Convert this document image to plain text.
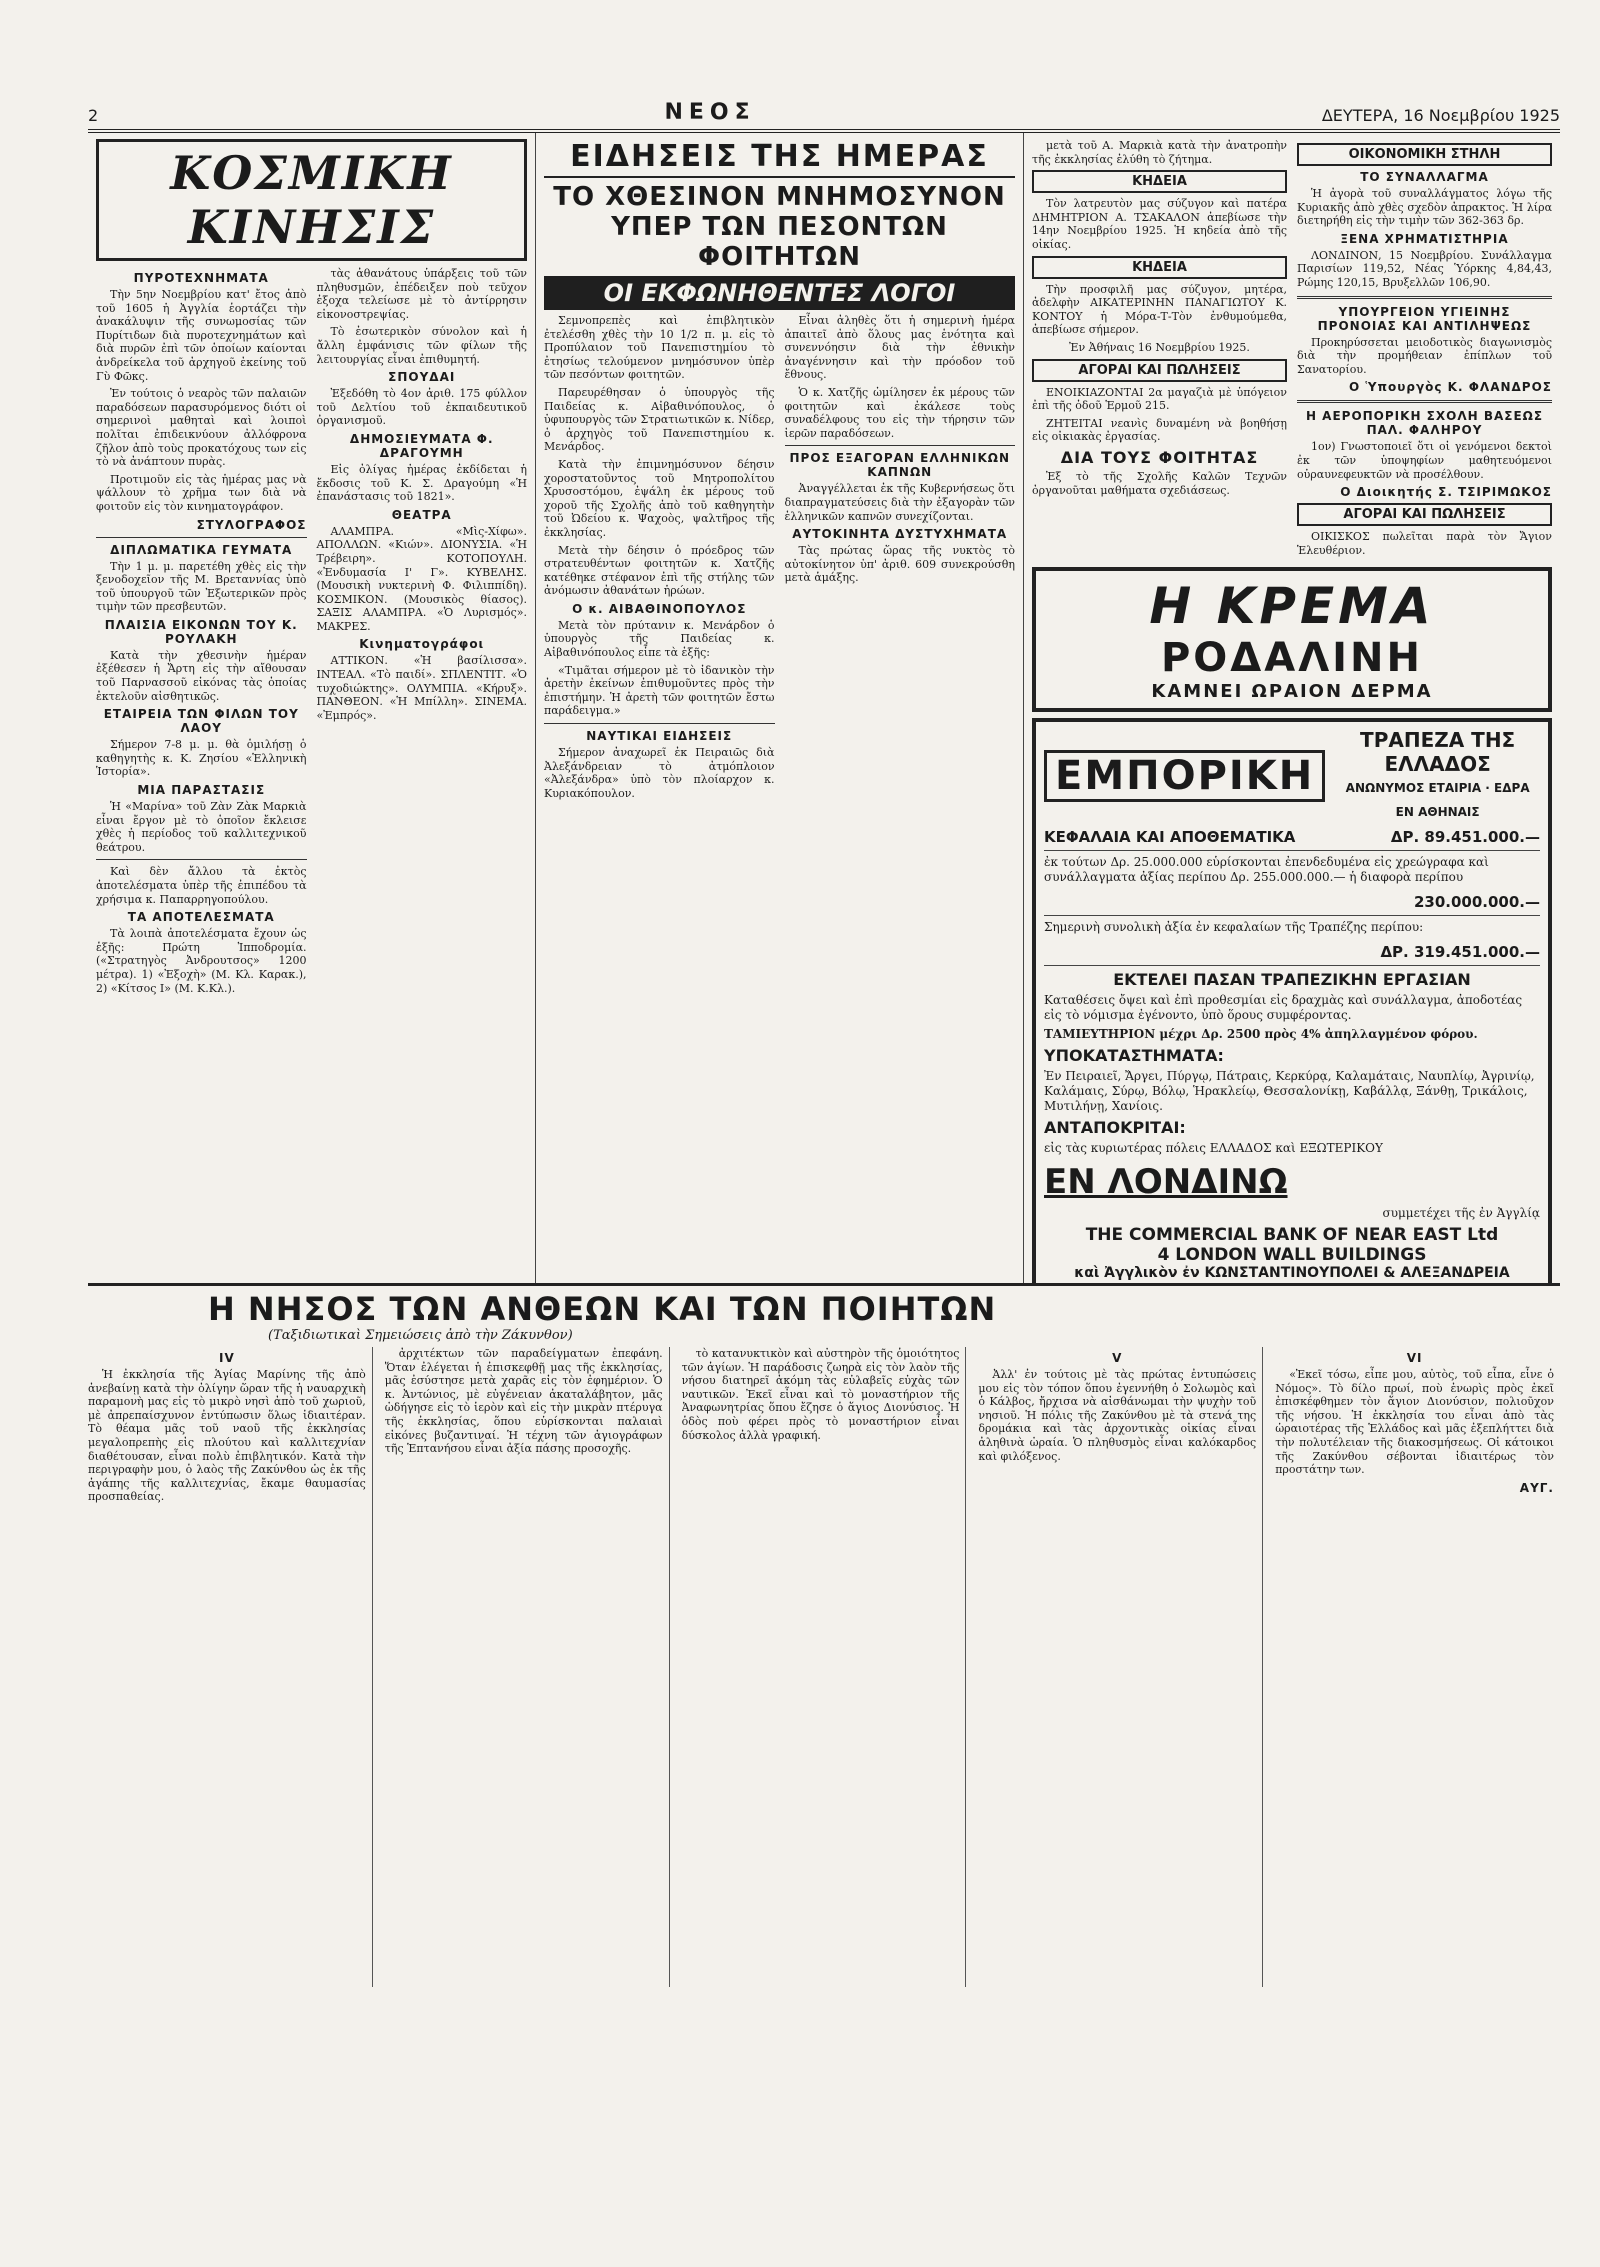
2	ΝΕΟΣ	ΔΕΥΤΕΡΑ, 16 Νοεμβρίου 1925
ΚΟΣΜΙΚΗ ΚΙΝΗΣΙΣ
ΠΥΡΟΤΕΧΝΗΜΑΤΑ

Τὴν 5ην Νοεμβρίου κατ' ἔτος ἀπὸ τοῦ 1605 ἡ Ἀγγλία ἑορτάζει τὴν ἀνακάλυψιν τῆς συνωμοσίας τῶν Πυρίτιδων διὰ πυροτεχνημάτων καὶ διὰ πυρῶν ἐπὶ τῶν ὁποίων καίονται ἀνδρείκελα τοῦ ἀρχηγοῦ ἐκείνης τοῦ Γὺ Φῶκς.

Ἐν τούτοις ὁ νεαρὸς τῶν παλαιῶν παραδόσεων παρασυρόμενος διότι οἱ σημερινοὶ μαθηταὶ καὶ λοιποὶ πολῖται ἐπιδεικνύουν ἀλλόφρονα ζῆλον ἀπὸ τοὺς προκατόχους των εἰς τὸ νὰ ἀνάπτουν πυρὰς.

Προτιμοῦν εἰς τὰς ἡμέρας μας νὰ ψάλλουν τὸ χρῆμα των διὰ νὰ φοιτοῦν εἰς τὸν κινηματογράφον.

ΣΤΥΛΟΓΡΑΦΟΣ
ΔΙΠΛΩΜΑΤΙΚΑ ΓΕΥΜΑΤΑ

Τὴν 1 μ. μ. παρετέθη χθὲς εἰς τὴν ξενοδοχεῖον τῆς Μ. Βρεταννίας ὑπὸ τοῦ ὑπουργοῦ τῶν Ἐξωτερικῶν πρὸς τιμὴν τῶν πρεσβευτῶν.

ΠΛΑΙΣΙΑ ΕΙΚΟΝΩΝ ΤΟΥ Κ. ΡΟΥΛΑΚΗ

Κατὰ τὴν χθεσινὴν ἡμέραν ἐξέθεσεν ἡ Ἄρτη εἰς τὴν αἴθουσαν τοῦ Παρνασσοῦ εἰκόνας τὰς ὁποίας ἐκτελοῦν αἰσθητικῶς.

ΕΤΑΙΡΕΙΑ ΤΩΝ ΦΙΛΩΝ ΤΟΥ ΛΑΟΥ

Σήμερον 7-8 μ. μ. θὰ ὁμιλήσῃ ὁ καθηγητὴς κ. Κ. Ζησίου «Ἑλληνικὴ Ἱστορία».

ΜΙΑ ΠΑΡΑΣΤΑΣΙΣ

Ἡ «Μαρίνα» τοῦ Ζὰν Ζὰκ Μαρκιὰ εἶναι ἔργον μὲ τὸ ὁποῖον ἔκλεισε χθὲς ἡ περίοδος τοῦ καλλιτεχνικοῦ θεάτρου.

Καὶ δὲν ἄλλου τὰ ἐκτὸς ἀποτελέσματα ὑπὲρ τῆς ἐπιπέδου τὰ χρήσιμα κ. Παπαρρηγοπούλου.

ΤΑ ΑΠΟΤΕΛΕΣΜΑΤΑ

Τὰ λοιπὰ ἀποτελέσματα ἔχουν ὡς ἑξῆς: Πρώτη Ἱπποδρομία. («Στρατηγὸς Ἀνδρουτσος» 1200 μέτρα). 1) «Ἐξοχὴ» (Μ. Κλ. Καρακ.), 2) «Κίτσος Ι» (Μ. Κ.Κλ.).

τὰς ἀθανάτους ὑπάρξεις τοῦ τῶν πληθυσμῶν, ἐπέδειξεν ποὺ τεῦχον ἐξοχα τελείωσε μὲ τὸ ἀντίρρησιν εἰκονοστρεψίας.

Τὸ ἐσωτερικὸν σύνολον καὶ ἡ ἄλλη ἐμφάνισις τῶν φίλων τῆς λειτουργίας εἶναι ἐπιθυμητή.

ΣΠΟΥΔΑΙ

Ἐξεδόθη τὸ 4ον ἀριθ. 175 φύλλον τοῦ Δελτίου τοῦ ἐκπαιδευτικοῦ ὀργανισμοῦ.

ΔΗΜΟΣΙΕΥΜΑΤΑ Φ. ΔΡΑΓΟΥΜΗ

Εἰς ὀλίγας ἡμέρας ἐκδίδεται ἡ ἔκδοσις τοῦ Κ. Σ. Δραγούμη «Ἡ ἐπανάστασις τοῦ 1821».

ΘΕΑΤΡΑ

ΑΛΑΜΠΡΑ. «Μὶς-Χίφω». ΑΠΟΛΛΩΝ. «Κιών». ΔΙΟΝΥΣΙΑ. «Ἡ Τρέβειρη». ΚΟΤΟΠΟΥΛΗ. «Ἐνδυμασία Ι' Γ». ΚΥΒΕΛΗΣ. (Μουσικὴ νυκτερινὴ Φ. Φιλιππίδη). ΚΟΣΜΙΚΟΝ. (Μουσικὸς θίασος). ΣΑΞΙΣ ΑΛΑΜΠΡΑ. «Ὁ Λυρισμός». ΜΑΚΡΕΣ.

Κινηματογράφοι

ΑΤΤΙΚΟΝ. «Ἡ βασίλισσα». ΙΝΤΕΑΛ. «Τὸ παιδί». ΣΠΛΕΝΤΙΤ. «Ὁ τυχοδιώκτης». ΟΛΥΜΠΙΑ. «Κήρυξ». ΠΑΝΘΕΟΝ. «Ἡ Μπίλλη». ΣΙΝΕΜΑ. «Ἐμπρός».

ΕΙΔΗΣΕΙΣ ΤΗΣ ΗΜΕΡΑΣ
ΤΟ ΧΘΕΣΙΝΟΝ ΜΝΗΜΟΣΥΝΟΝ ΥΠΕΡ ΤΩΝ ΠΕΣΟΝΤΩΝ ΦΟΙΤΗΤΩΝ
ΟΙ ΕΚΦΩΝΗΘΕΝΤΕΣ ΛΟΓΟΙ

Σεμνοπρεπὲς καὶ ἐπιβλητικὸν ἐτελέσθη χθὲς τὴν 10 1/2 π. μ. εἰς τὸ Προπύλαιον τοῦ Πανεπιστημίου τὸ ἐτησίως τελούμενον μνημόσυνον ὑπὲρ τῶν πεσόντων φοιτητῶν.

Παρευρέθησαν ὁ ὑπουργὸς τῆς Παιδείας κ. Αἰβαθινόπουλος, ὁ ὑφυπουργὸς τῶν Στρατιωτικῶν κ. Νίδερ, ὁ ἀρχηγὸς τοῦ Πανεπιστημίου κ. Μενάρδος.

Κατὰ τὴν ἐπιμνημόσυνον δέησιν χοροστατοῦντος τοῦ Μητροπολίτου Χρυσοστόμου, ἐψάλη ἐκ μέρους τοῦ χοροῦ τῆς Σχολῆς ἀπὸ τοῦ καθηγητὴν τοῦ Ὠδείου κ. Ψαχοὸς, ψαλτῆρος τῆς ἐκκλησίας.

Μετὰ τὴν δέησιν ὁ πρόεδρος τῶν στρατευθέντων φοιτητῶν κ. Χατζῆς κατέθηκε στέφανον ἐπὶ τῆς στήλης τῶν ἀνόμωσιν ἀθανάτων ἡρώων.

Ο κ. ΑΙΒΑΘΙΝΟΠΟΥΛΟΣ

Μετὰ τὸν πρύτανιν κ. Μενάρδον ὁ ὑπουργὸς τῆς Παιδείας κ. Αἰβαθινόπουλος εἶπε τὰ ἑξῆς:

«Τιμᾶται σήμερον μὲ τὸ ἰδανικὸν τὴν ἀρετὴν ἐκείνων ἐπιθυμοῦντες πρὸς τὴν ἐπιστήμην. Ἡ ἀρετὴ τῶν φοιτητῶν ἔστω παράδειγμα.»

ΝΑΥΤΙΚΑΙ ΕΙΔΗΣΕΙΣ

Σήμερον ἀναχωρεῖ ἐκ Πειραιῶς διὰ Ἀλεξάνδρειαν τὸ ἀτμόπλοιον «Ἀλεξάνδρα» ὑπὸ τὸν πλοίαρχον κ. Κυριακόπουλον.

Εἶναι ἀληθὲς ὅτι ἡ σημερινὴ ἡμέρα ἀπαιτεῖ ἀπὸ ὅλους μας ἑνότητα καὶ συνεννόησιν διὰ τὴν ἐθνικὴν ἀναγέννησιν καὶ τὴν πρόοδον τοῦ ἔθνους.

Ὁ κ. Χατζῆς ὡμίλησεν ἐκ μέρους τῶν φοιτητῶν καὶ ἐκάλεσε τοὺς συναδέλφους του εἰς τὴν τήρησιν τῶν ἱερῶν παραδόσεων.

ΠΡΟΣ ΕΞΑΓΟΡΑΝ ΕΛΛΗΝΙΚΩΝ ΚΑΠΝΩΝ

Ἀναγγέλλεται ἐκ τῆς Κυβερνήσεως ὅτι διαπραγματεύσεις διὰ τὴν ἐξαγορὰν τῶν ἑλληνικῶν καπνῶν συνεχίζονται.

ΑΥΤΟΚΙΝΗΤΑ ΔΥΣΤΥΧΗΜΑΤΑ

Τὰς πρώτας ὥρας τῆς νυκτὸς τὸ αὐτοκίνητον ὑπ' ἀριθ. 609 συνεκρούσθη μετὰ ἁμάξης.

μετὰ τοῦ Α. Μαρκιὰ κατὰ τὴν ἀνατροπὴν τῆς ἐκκλησίας ἐλύθη τὸ ζήτημα.

ΚΗΔΕΙΑ

Τὸν λατρευτὸν μας σύζυγον καὶ πατέρα ΔΗΜΗΤΡΙΟΝ Α. ΤΣΑΚΑΛΟΝ ἀπεβίωσε τὴν 14ην Νοεμβρίου 1925. Ἡ κηδεία ἀπὸ τῆς οἰκίας.

ΚΗΔΕΙΑ

Τὴν προσφιλῆ μας σύζυγον, μητέρα, ἀδελφὴν ΑΙΚΑΤΕΡΙΝΗΝ ΠΑΝΑΓΙΩΤΟΥ Κ. ΚΟΝΤΟΥ ἡ Μόρα-Τ-Τὸν ἐνθυμούμεθα, ἀπεβίωσε σήμερον.

Ἐν Ἀθήναις 16 Νοεμβρίου 1925.

ΑΓΟΡΑΙ ΚΑΙ ΠΩΛΗΣΕΙΣ

ΕΝΟΙΚΙΑΖΟΝΤΑΙ 2α μαγαζιὰ μὲ ὑπόγειον ἐπὶ τῆς ὁδοῦ Ἑρμοῦ 215.

ΖΗΤΕΙΤΑΙ νεανὶς δυναμένη νὰ βοηθήσῃ εἰς οἰκιακὰς ἐργασίας.

ΔΙΑ ΤΟΥΣ ΦΟΙΤΗΤΑΣ

Ἐξ τὸ τῆς Σχολῆς Καλῶν Τεχνῶν ὀργανοῦται μαθήματα σχεδιάσεως.

ΟΙΚΟΝΟΜΙΚΗ ΣΤΗΛΗ
ΤΟ ΣΥΝΑΛΛΑΓΜΑ

Ἡ ἀγορὰ τοῦ συναλλάγματος λόγω τῆς Κυριακῆς ἀπὸ χθὲς σχεδὸν ἀπρακτος. Ἡ λίρα διετηρήθη εἰς τὴν τιμὴν τῶν 362-363 δρ.

ΞΕΝΑ ΧΡΗΜΑΤΙΣΤΗΡΙΑ

ΛΟΝΔΙΝΟΝ, 15 Νοεμβρίου. Συνάλλαγμα Παρισίων 119,52, Νέας Ὑόρκης 4,84,43, Ρώμης 120,15, Βρυξελλῶν 106,90.

ΥΠΟΥΡΓΕΙΟΝ ΥΓΙΕΙΝΗΣ ΠΡΟΝΟΙΑΣ ΚΑΙ ΑΝΤΙΛΗΨΕΩΣ

Προκηρύσσεται μειοδοτικὸς διαγωνισμὸς διὰ τὴν προμήθειαν ἐπίπλων τοῦ Σανατορίου.

Ο Ὑπουργὸς Κ. ΦΛΑΝΔΡΟΣ
Η ΑΕΡΟΠΟΡΙΚΗ ΣΧΟΛΗ ΒΑΣΕΩΣ ΠΑΛ. ΦΑΛΗΡΟΥ

1ον) Γνωστοποιεῖ ὅτι οἱ γενόμενοι δεκτοὶ ἐκ τῶν ὑποψηφίων μαθητευόμενοι οὐραυνεφευκτῶν νὰ προσέλθουν.

Ο Διοικητής Σ. ΤΣΙΡΙΜΩΚΟΣ
ΑΓΟΡΑΙ ΚΑΙ ΠΩΛΗΣΕΙΣ

ΟΙΚΙΣΚΟΣ πωλεῖται παρὰ τὸν Ἄγιον Ἑλευθέριον.

Η ΚΡΕΜΑ
ΡΟΔΑΛΙΝΗ
ΚΑΜΝΕΙ ΩΡΑΙΟΝ ΔΕΡΜΑ
ΕΜΠΟΡΙΚΗ
ΤΡΑΠΕΖΑ ΤΗΣ ΕΛΛΑΔΟΣ
ΑΝΩΝΥΜΟΣ ΕΤΑΙΡΙΑ · ΕΔΡΑ ΕΝ ΑΘΗΝΑΙΣ
ΚΕΦΑΛΑΙΑ ΚΑΙ ΑΠΟΘΕΜΑΤΙΚΑ	ΔΡ. 89.451.000.—
ἐκ τούτων Δρ. 25.000.000 εὑρίσκονται ἐπενδεδυμένα εἰς χρεώγραφα καὶ συνάλλαγματα ἀξίας περίπου Δρ. 255.000.000.— ἡ διαφορὰ περίπου
230.000.000.—
Σημερινὴ συνολικὴ ἀξία ἐν κεφαλαίων τῆς Τραπέζης περίπου:
ΔΡ. 319.451.000.—
ΕΚΤΕΛΕΙ ΠΑΣΑΝ ΤΡΑΠΕΖΙΚΗΝ ΕΡΓΑΣΙΑΝ
Καταθέσεις ὄψει καὶ ἐπὶ προθεσμίαι εἰς δραχμὰς καὶ συνάλλαγμα, ἀποδοτέας εἰς τὸ νόμισμα ἐγένοντο, ὑπὸ ὅρους συμφέροντας.
ΤΑΜΙΕΥΤΗΡΙΟΝ μέχρι Δρ. 2500 πρὸς 4% ἀπηλλαγμένον φόρου.
ΥΠΟΚΑΤΑΣΤΗΜΑΤΑ:
Ἐν Πειραιεῖ, Ἄργει, Πύργῳ, Πάτραις, Κερκύρᾳ, Καλαμάταις, Ναυπλίῳ, Ἀγρινίῳ, Καλάμαις, Σύρῳ, Βόλῳ, Ἡρακλείῳ, Θεσσαλονίκῃ, Καβάλλᾳ, Ξάνθῃ, Τρικάλοις, Μυτιλήνῃ, Χανίοις.
ΑΝΤΑΠΟΚΡΙΤΑΙ:
εἰς τὰς κυριωτέρας πόλεις ΕΛΛΑΔΟΣ καὶ ΕΞΩΤΕΡΙΚΟΥ
ΕΝ ΛΟΝΔΙΝΩ
συμμετέχει τῆς ἐν Ἀγγλίᾳ
THE COMMERCIAL BANK OF NEAR EAST Ltd
4 LONDON WALL BUILDINGS
καὶ Ἀγγλικὸν ἐν ΚΩΝΣΤΑΝΤΙΝΟΥΠΟΛΕΙ & ΑΛΕΞΑΝΔΡΕΙΑ
Η ΝΗΣΟΣ ΤΩΝ ΑΝΘΕΩΝ ΚΑΙ ΤΩΝ ΠΟΙΗΤΩΝ
(Ταξιδιωτικαὶ Σημειώσεις ἀπὸ τὴν Ζάκυνθον)
IV

Ἡ ἐκκλησία τῆς Ἁγίας Μαρίνης τῆς ἀπὸ ἀνεβαίνῃ κατὰ τὴν ὀλίγην ὥραν τῆς ἡ ναυαρχικὴ παραμονὴ μας εἰς τὸ μικρὸ νησὶ ἀπὸ τοῦ χωριοῦ, μὲ ἀπρεπαίσχυνον ἐντύπωσιν ὅλως ἰδιαιτέραν. Τὸ θέαμα μᾶς τοῦ ναοῦ τῆς ἐκκλησίας μεγαλοπρεπὴς εἰς πλούτου καὶ καλλιτεχνίαν διαθέτουσαν, εἶναι πολὺ ἐπιβλητικόν. Κατὰ τὴν περιγραφὴν μου, ὁ λαὸς τῆς Ζακύνθου ὡς ἐκ τῆς ἀγάπης τῆς καλλιτεχνίας, ἔκαμε θαυμασίας προσπαθείας.

ἀρχιτέκτων τῶν παραδείγματων ἐπεφάνη. Ὅταν ἐλέγεται ἡ ἐπισκεφθῇ μας τῆς ἐκκλησίας, μᾶς ἐσύστησε μετὰ χαρᾶς εἰς τὸν ἐφημέριον. Ὁ κ. Ἀντώνιος, μὲ εὐγένειαν ἀκαταλάβητον, μᾶς ὡδήγησε εἰς τὸ ἱερὸν καὶ εἰς τὴν μικρὰν πτέρυγα τῆς ἐκκλησίας, ὅπου εὑρίσκονται παλαιαὶ εἰκόνες βυζαντιναί. Ἡ τέχνη τῶν ἁγιογράφων τῆς Ἑπτανήσου εἶναι ἀξία πάσης προσοχῆς.

τὸ κατανυκτικὸν καὶ αὐστηρὸν τῆς ὁμοιότητος τῶν ἁγίων. Ἡ παράδοσις ζωηρὰ εἰς τὸν λαὸν τῆς νήσου διατηρεῖ ἀκόμη τὰς εὐλαβεῖς εὐχὰς τῶν ναυτικῶν. Ἐκεῖ εἶναι καὶ τὸ μοναστήριον τῆς Ἀναφωνητρίας ὅπου ἔζησε ὁ ἅγιος Διονύσιος. Ἡ ὁδὸς ποὺ φέρει πρὸς τὸ μοναστήριον εἶναι δύσκολος ἀλλὰ γραφική.

V

Ἀλλ' ἐν τούτοις μὲ τὰς πρώτας ἐντυπώσεις μου εἰς τὸν τόπον ὅπου ἐγεννήθη ὁ Σολωμὸς καὶ ὁ Κάλβος, ἤρχισα νὰ αἰσθάνωμαι τὴν ψυχὴν τοῦ νησιοῦ. Ἡ πόλις τῆς Ζακύνθου μὲ τὰ στενά της δρομάκια καὶ τὰς ἀρχοντικὰς οἰκίας εἶναι ἀληθινὰ ὡραία. Ὁ πληθυσμὸς εἶναι καλόκαρδος καὶ φιλόξενος.

VI

«Ἐκεῖ τόσω, εἶπε μου, αὐτὸς, τοῦ εἶπα, εἶνε ὁ Νόμος». Τὸ δίλο πρωί, ποὺ ἐνωρὶς πρὸς ἐκεῖ ἐπισκέφθημεν τὸν ἅγιον Διονύσιον, πολιοῦχον τῆς νήσου. Ἡ ἐκκλησία του εἶναι ἀπὸ τὰς ὡραιοτέρας τῆς Ἑλλάδος καὶ μᾶς ἐξεπλήττει διὰ τὴν πολυτέλειαν τῆς διακοσμήσεως. Οἱ κάτοικοι τῆς Ζακύνθου σέβονται ἰδιαιτέρως τὸν προστάτην των.

ΑΥΓ.
